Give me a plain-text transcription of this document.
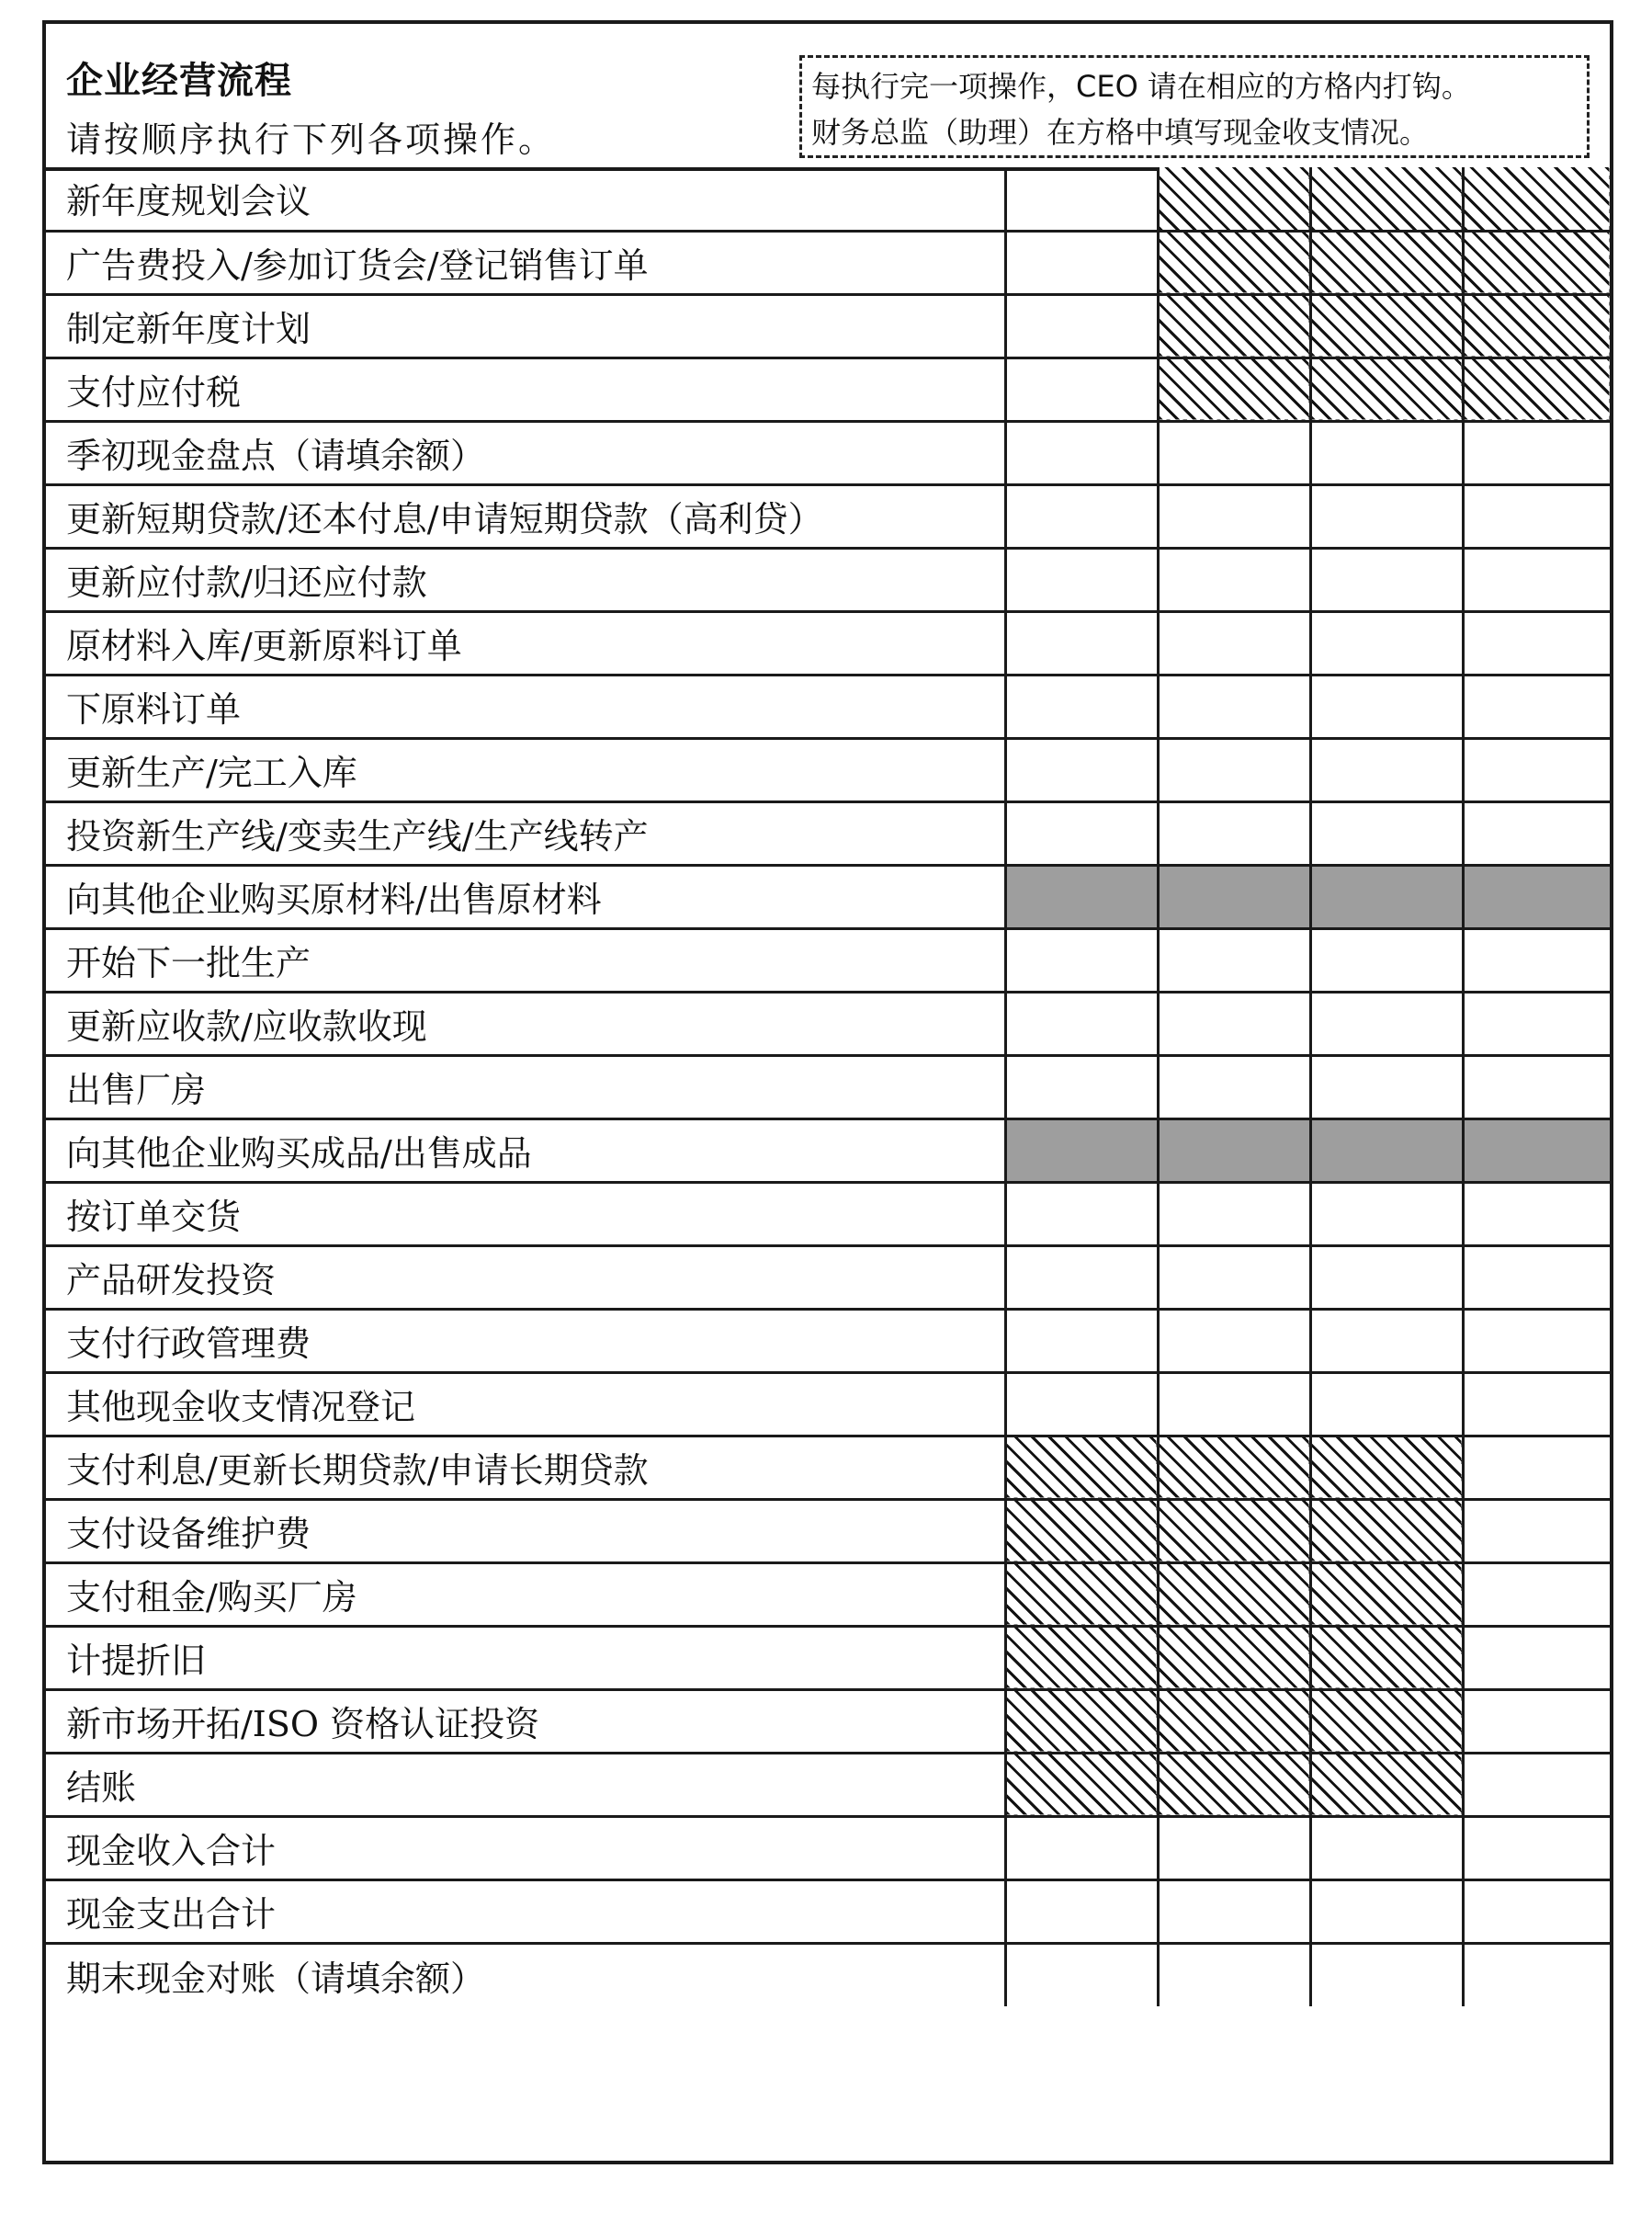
企业经营流程
请按顺序执行下列各项操作。
每执行完一项操作，CEO 请在相应的方格内打钩。
财务总监（助理）在方格中填写现金收支情况。
新年度规划会议				
广告费投入/参加订货会/登记销售订单				
制定新年度计划				
支付应付税				
季初现金盘点（请填余额）				
更新短期贷款/还本付息/申请短期贷款（高利贷）				
更新应付款/归还应付款				
原材料入库/更新原料订单				
下原料订单				
更新生产/完工入库				
投资新生产线/变卖生产线/生产线转产				
向其他企业购买原材料/出售原材料				
开始下一批生产				
更新应收款/应收款收现				
出售厂房				
向其他企业购买成品/出售成品				
按订单交货				
产品研发投资				
支付行政管理费				
其他现金收支情况登记				
支付利息/更新长期贷款/申请长期贷款				
支付设备维护费				
支付租金/购买厂房				
计提折旧				
新市场开拓/ISO 资格认证投资				
结账				
现金收入合计				
现金支出合计				
期末现金对账（请填余额）				
